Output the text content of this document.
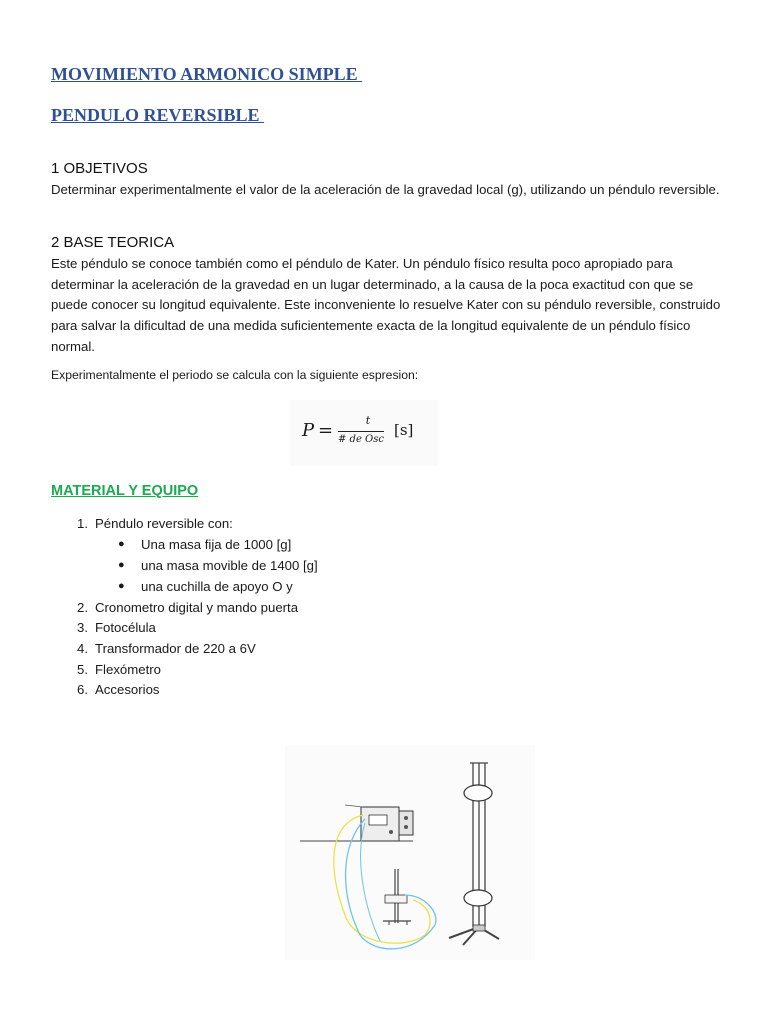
MOVIMIENTO ARMONICO SIMPLE
PENDULO REVERSIBLE
1 OBJETIVOS

Determinar experimentalmente el valor de la aceleración de la gravedad local (g), utilizando un péndulo reversible.

2 BASE TEORICA

Este péndulo se conoce también como el péndulo de Kater. Un péndulo físico resulta poco apropiado para determinar la aceleración de la gravedad en un lugar determinado, a la causa de la poca exactitud con que se puede conocer su longitud equivalente. Este inconveniente lo resuelve Kater con su péndulo reversible, construido para salvar la dificultad de una medida suficientemente exacta de la longitud equivalente de un péndulo físico normal.

Experimentalmente el periodo se calcula con la siguiente espresion:

P =	t
# de Osc
[s]
MATERIAL Y EQUIPO
1. Péndulo reversible con:
● Una masa fija de 1000 [g]
● una masa movible de 1400 [g]
● una cuchilla de apoyo O y
2. Cronometro digital y mando puerta
3. Fotocélula
4. Transformador de 220 a 6V
5. Flexómetro
6. Accesorios
